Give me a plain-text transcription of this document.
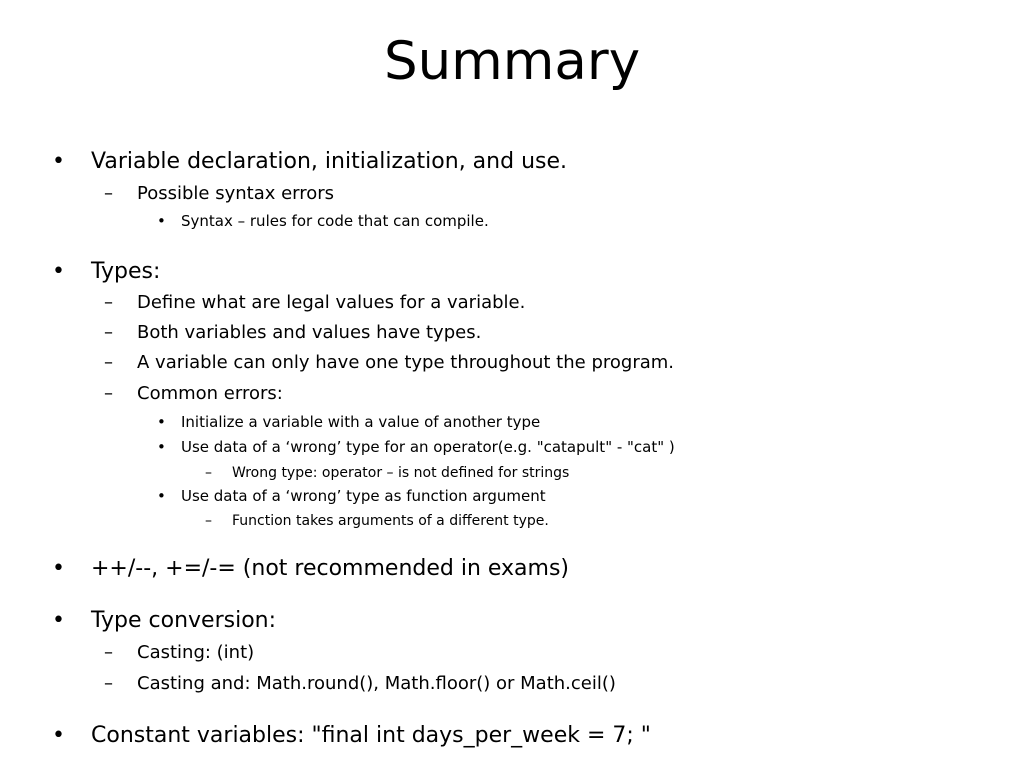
Summary
• Variable declaration, initialization, and use.
– Possible syntax errors
• Syntax – rules for code that can compile.
• Types:
– Define what are legal values for a variable.
– Both variables and values have types.
– A variable can only have one type throughout the program.
– Common errors:
• Initialize a variable with a value of another type
• Use data of a ‘wrong’ type for an operator(e.g. "catapult" - "cat" )
– Wrong type: operator – is not defined for strings
• Use data of a ‘wrong’ type as function argument
– Function takes arguments of a different type.
• ++/--, +=/-= (not recommended in exams)
• Type conversion:
– Casting: (int)
– Casting and: Math.round(), Math.floor() or Math.ceil()
• Constant variables: "final int days_per_week = 7; "
